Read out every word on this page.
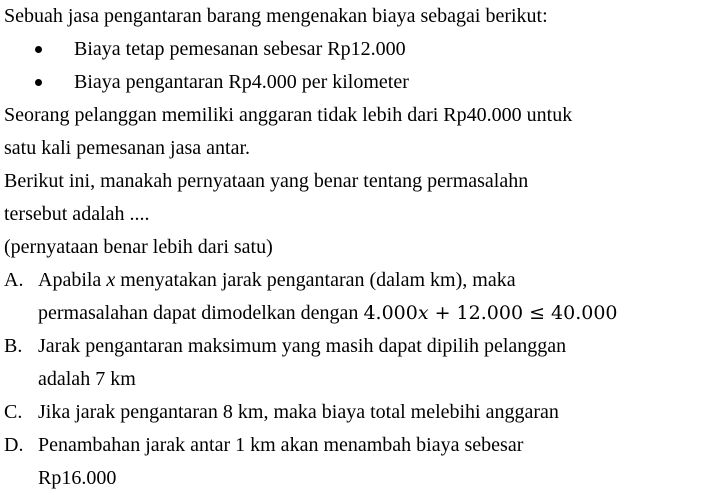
Sebuah jasa pengantaran barang mengenakan biaya sebagai berikut:
Biaya tetap pemesanan sebesar Rp12.000
Biaya pengantaran Rp4.000 per kilometer
Seorang pelanggan memiliki anggaran tidak lebih dari Rp40.000 untuk
satu kali pemesanan jasa antar.
Berikut ini, manakah pernyataan yang benar tentang permasalahn
tersebut adalah ....
(pernyataan benar lebih dari satu)
A. Apabila x menyatakan jarak pengantaran (dalam km), maka
permasalahan dapat dimodelkan dengan 4.000x + 12.000 ≤ 40.000
B. Jarak pengantaran maksimum yang masih dapat dipilih pelanggan
adalah 7 km
C. Jika jarak pengantaran 8 km, maka biaya total melebihi anggaran
D. Penambahan jarak antar 1 km akan menambah biaya sebesar
Rp16.000
